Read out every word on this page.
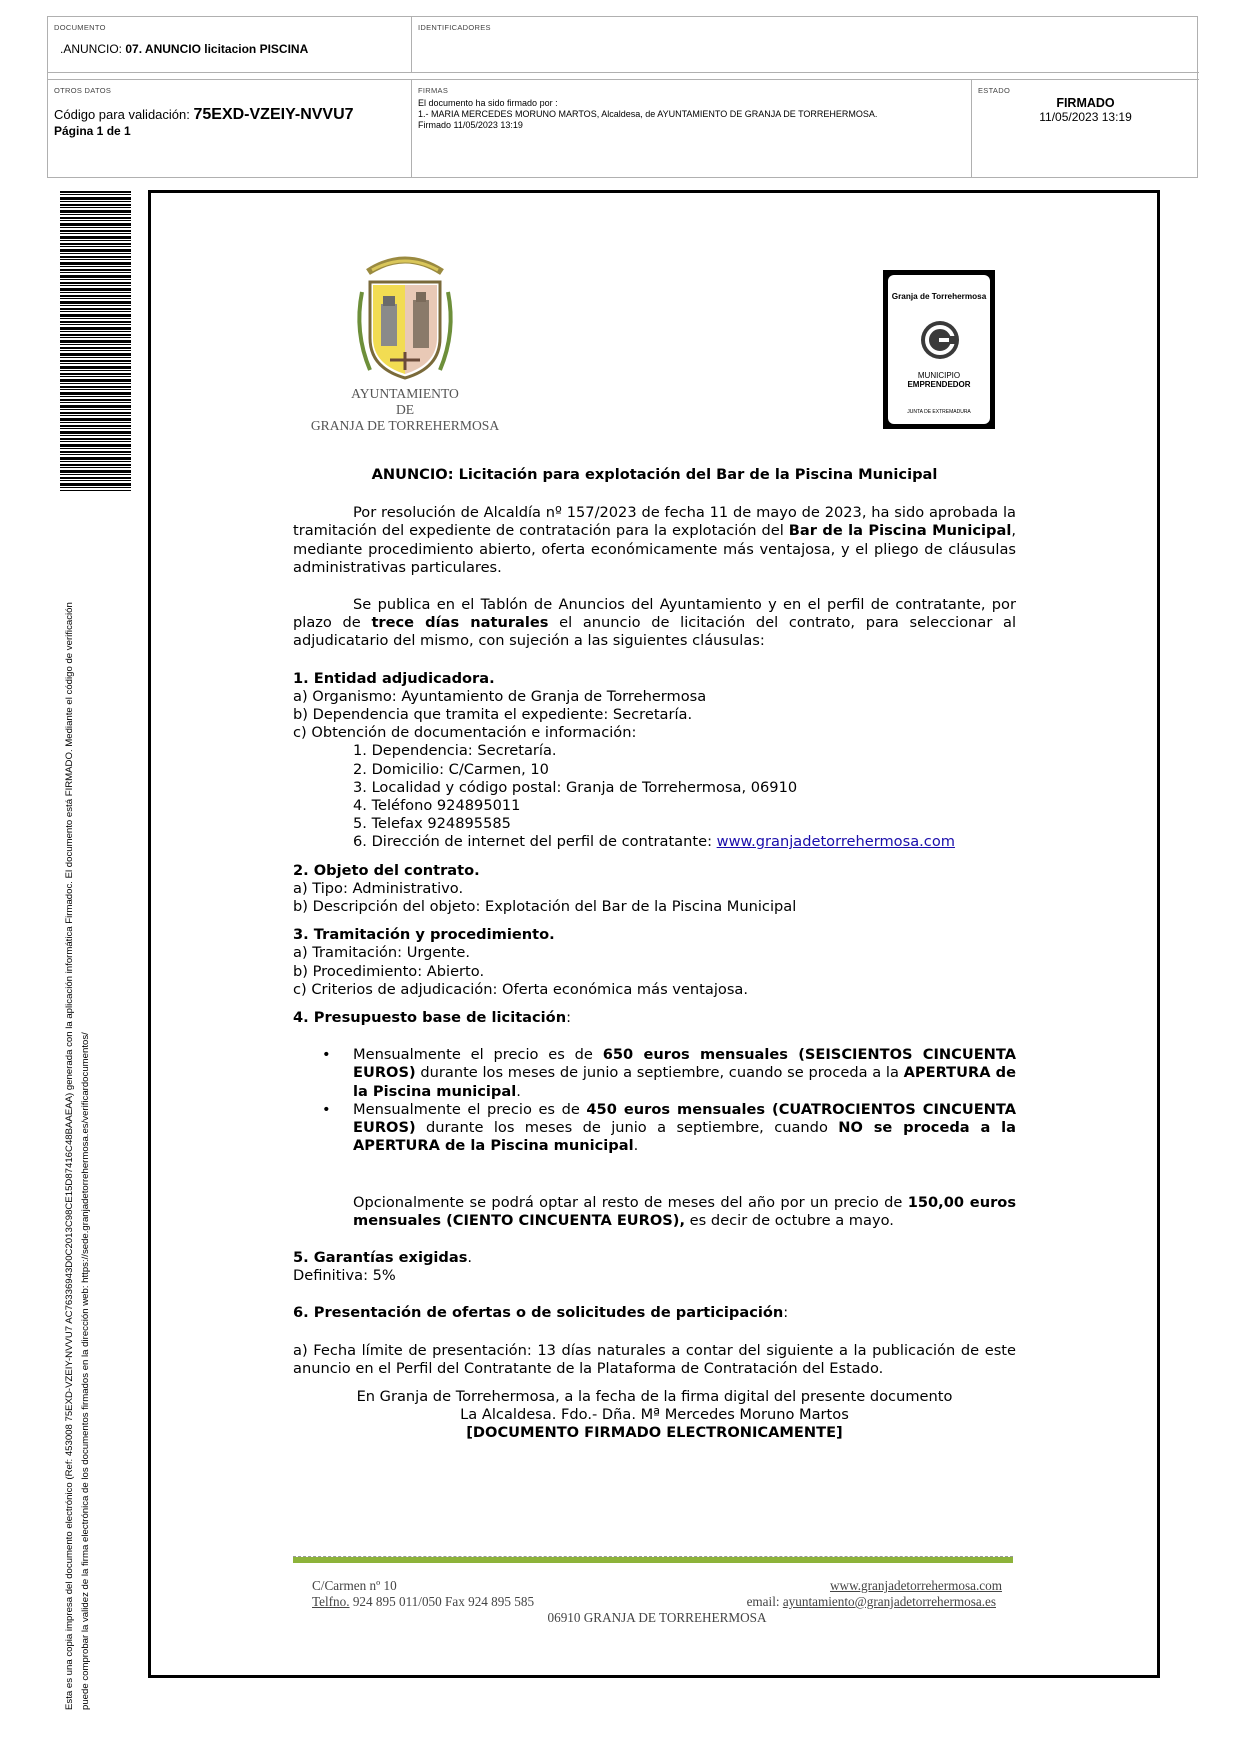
DOCUMENTO
.ANUNCIO: 07. ANUNCIO licitacion PISCINA
IDENTIFICADORES
OTROS DATOS
Código para validación: 75EXD-VZEIY-NVVU7
Página 1 de 1
FIRMAS
El documento ha sido firmado por :
1.- MARIA MERCEDES MORUNO MARTOS, Alcaldesa, de AYUNTAMIENTO DE GRANJA DE TORREHERMOSA.
Firmado 11/05/2023 13:19
ESTADO
FIRMADO
11/05/2023 13:19
Esta es una copia impresa del documento electrónico (Ref: 453008 75EXD-VZEIY-NVVU7 AC76336943D0C2013C98CE15D87416C48BAAEAA) generada con la aplicación informática Firmadoc. El documento está FIRMADO. Mediante el código de verificación puede comprobar la validez de la firma electrónica de los documentos firmados en la dirección web: https://sede.granjadetorrehermosa.es/verificardocumentos/
AYUNTAMIENTO
DE
GRANJA DE TORREHERMOSA
Granja de Torrehermosa
MUNICIPIO
EMPRENDEDOR
JUNTA DE EXTREMADURA
ANUNCIO: Licitación para explotación del Bar de la Piscina Municipal

Por resolución de Alcaldía nº 157/2023 de fecha 11 de mayo de 2023, ha sido aprobada la tramitación del expediente de contratación para la explotación del Bar de la Piscina Municipal, mediante procedimiento abierto, oferta económicamente más ventajosa, y el pliego de cláusulas administrativas particulares.

Se publica en el Tablón de Anuncios del Ayuntamiento y en el perfil de contratante, por plazo de trece días naturales el anuncio de licitación del contrato, para seleccionar al adjudicatario del mismo, con sujeción a las siguientes cláusulas:

1. Entidad adjudicadora.
a) Organismo: Ayuntamiento de Granja de Torrehermosa
b) Dependencia que tramita el expediente: Secretaría.
c) Obtención de documentación e información:
1. Dependencia: Secretaría.
2. Domicilio: C/Carmen, 10
3. Localidad y código postal: Granja de Torrehermosa, 06910
4. Teléfono 924895011
5. Telefax 924895585
6. Dirección de internet del perfil de contratante: www.granjadetorrehermosa.com
2. Objeto del contrato.
a) Tipo: Administrativo.
b) Descripción del objeto: Explotación del Bar de la Piscina Municipal
3. Tramitación y procedimiento.
a) Tramitación: Urgente.
b) Procedimiento: Abierto.
c) Criterios de adjudicación: Oferta económica más ventajosa.
4. Presupuesto base de licitación:
• Mensualmente el precio es de 650 euros mensuales (SEISCIENTOS CINCUENTA EUROS) durante los meses de junio a septiembre, cuando se proceda a la APERTURA de la Piscina municipal.
• Mensualmente el precio es de 450 euros mensuales (CUATROCIENTOS CINCUENTA EUROS) durante los meses de junio a septiembre, cuando NO se proceda a la APERTURA de la Piscina municipal.

Opcionalmente se podrá optar al resto de meses del año por un precio de 150,00 euros mensuales (CIENTO CINCUENTA EUROS), es decir de octubre a mayo.

5. Garantías exigidas.
Definitiva: 5%
6. Presentación de ofertas o de solicitudes de participación:

a) Fecha límite de presentación: 13 días naturales a contar del siguiente a la publicación de este anuncio en el Perfil del Contratante de la Plataforma de Contratación del Estado.

En Granja de Torrehermosa, a la fecha de la firma digital del presente documento
La Alcaldesa. Fdo.- Dña. Mª Mercedes Moruno Martos
[DOCUMENTO FIRMADO ELECTRONICAMENTE]
C/Carmen nº 10	www.granjadetorrehermosa.com
Telfno. 924 895 011/050 Fax 924 895 585	email: ayuntamiento@granjadetorrehermosa.es
06910 GRANJA DE TORREHERMOSA
